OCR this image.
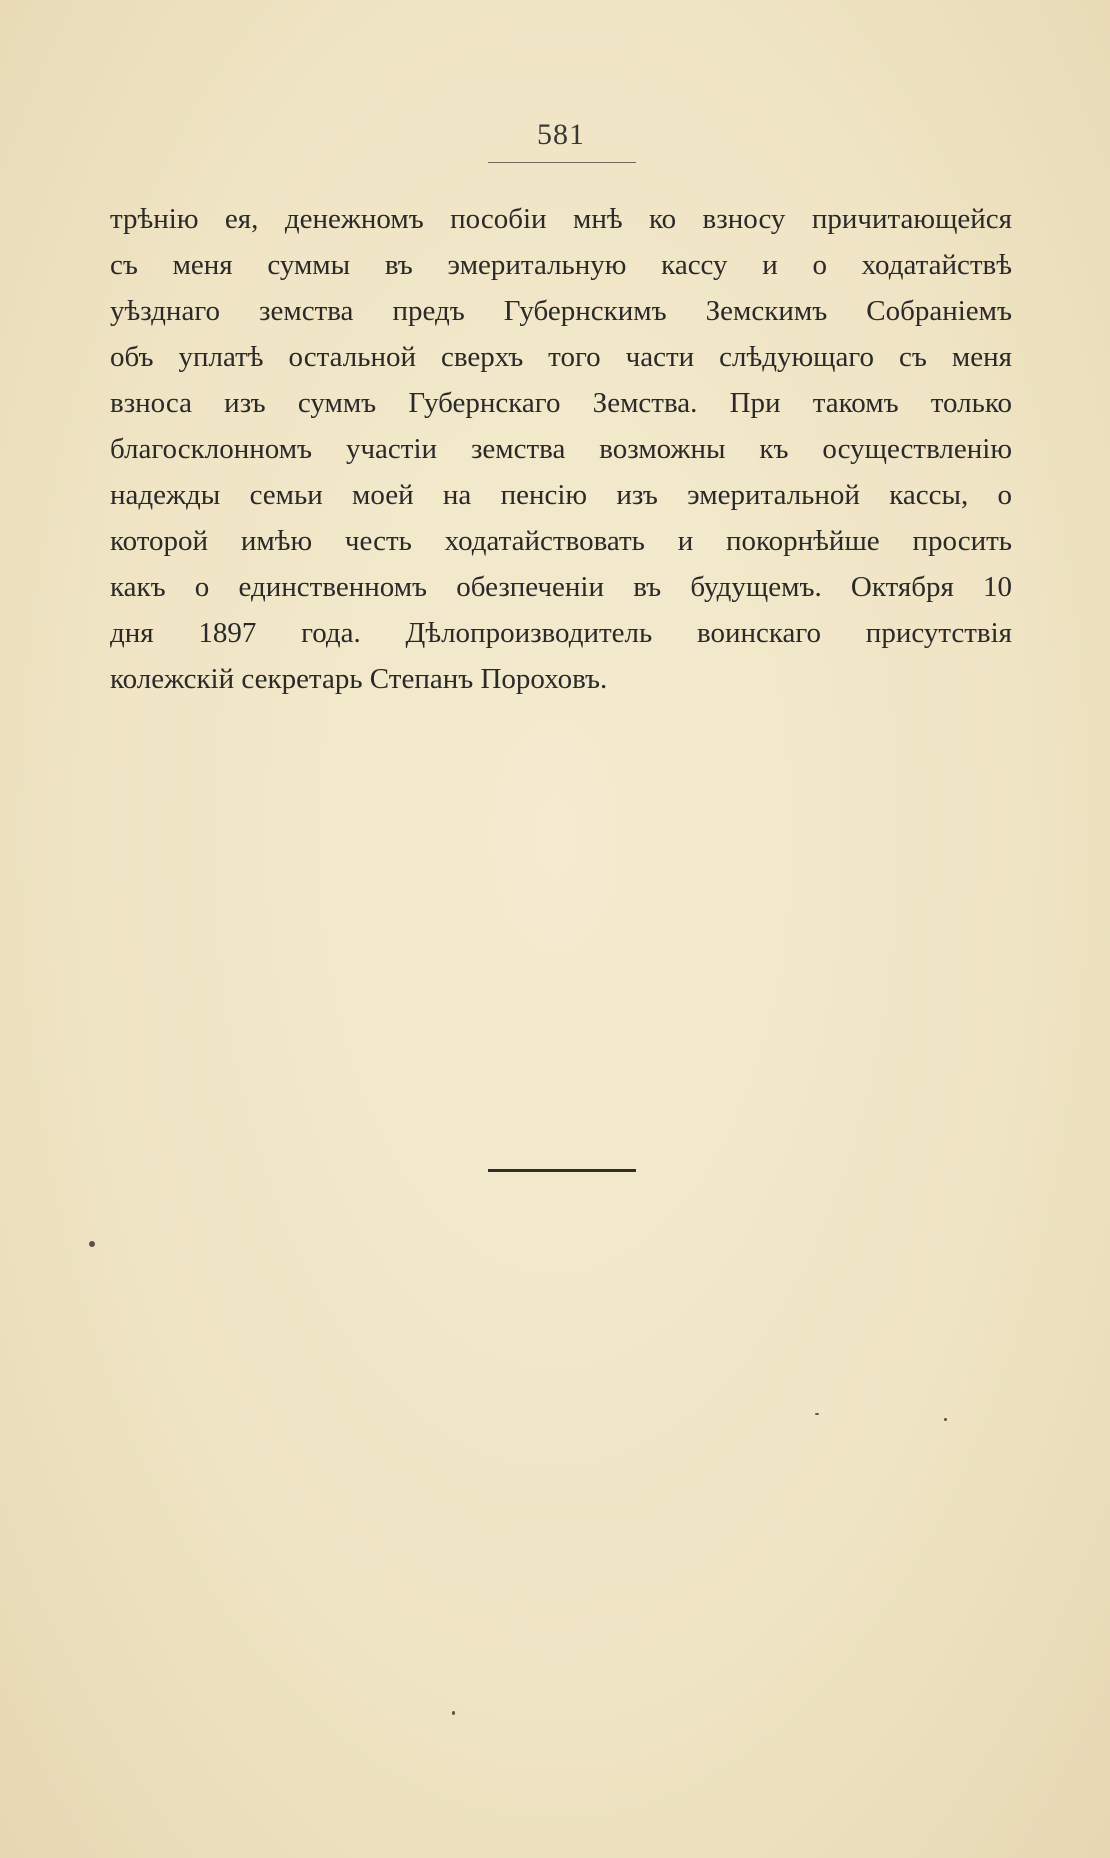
581
трѣнію ея, денежномъ пособіи мнѣ ко взносу причитающейся
съ меня суммы въ эмеритальную кассу и о ходатайствѣ
уѣзднаго земства предъ Губернскимъ Земскимъ Собраніемъ
объ уплатѣ остальной сверхъ того части слѣдующаго съ меня
взноса изъ суммъ Губернскаго Земства. При такомъ только
благосклонномъ участіи земства возможны къ осуществленію
надежды семьи моей на пенсію изъ эмеритальной кассы, о
которой имѣю честь ходатайствовать и покорнѣйше просить
какъ о единственномъ обезпеченіи въ будущемъ. Октября 10
дня 1897 года. Дѣлопроизводитель воинскаго присутствія
колежскій секретарь Степанъ Пороховъ.
